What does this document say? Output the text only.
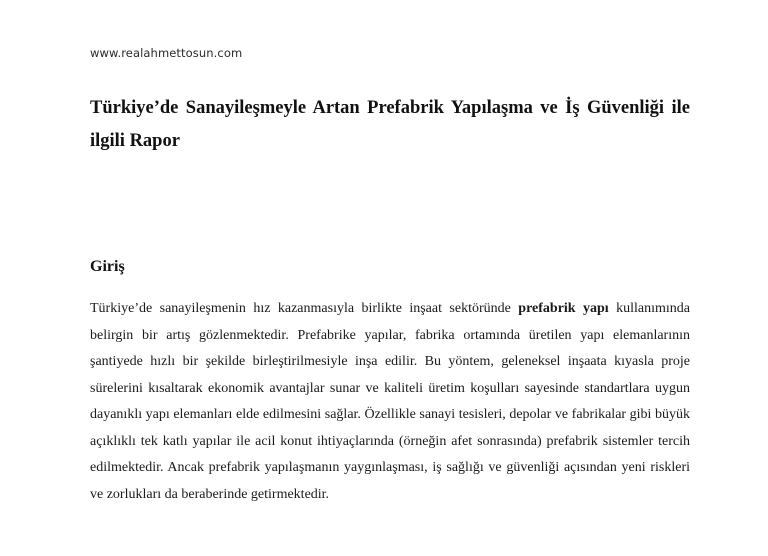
www.realahmettosun.com
Türkiye’de Sanayileşmeyle Artan Prefabrik Yapılaşma ve İş Güvenliği ile ilgili Rapor
Giriş

Türkiye’de sanayileşmenin hız kazanmasıyla birlikte inşaat sektöründe prefabrik yapı kullanımında belirgin bir artış gözlenmektedir. Prefabrike yapılar, fabrika ortamında üretilen yapı elemanlarının şantiyede hızlı bir şekilde birleştirilmesiyle inşa edilir. Bu yöntem, geleneksel inşaata kıyasla proje sürelerini kısaltarak ekonomik avantajlar sunar ve kaliteli üretim koşulları sayesinde standartlara uygun dayanıklı yapı elemanları elde edilmesini sağlar. Özellikle sanayi tesisleri, depolar ve fabrikalar gibi büyük açıklıklı tek katlı yapılar ile acil konut ihtiyaçlarında (örneğin afet sonrasında) prefabrik sistemler tercih edilmektedir. Ancak prefabrik yapılaşmanın yaygınlaşması, iş sağlığı ve güvenliği açısından yeni riskleri ve zorlukları da beraberinde getirmektedir.
